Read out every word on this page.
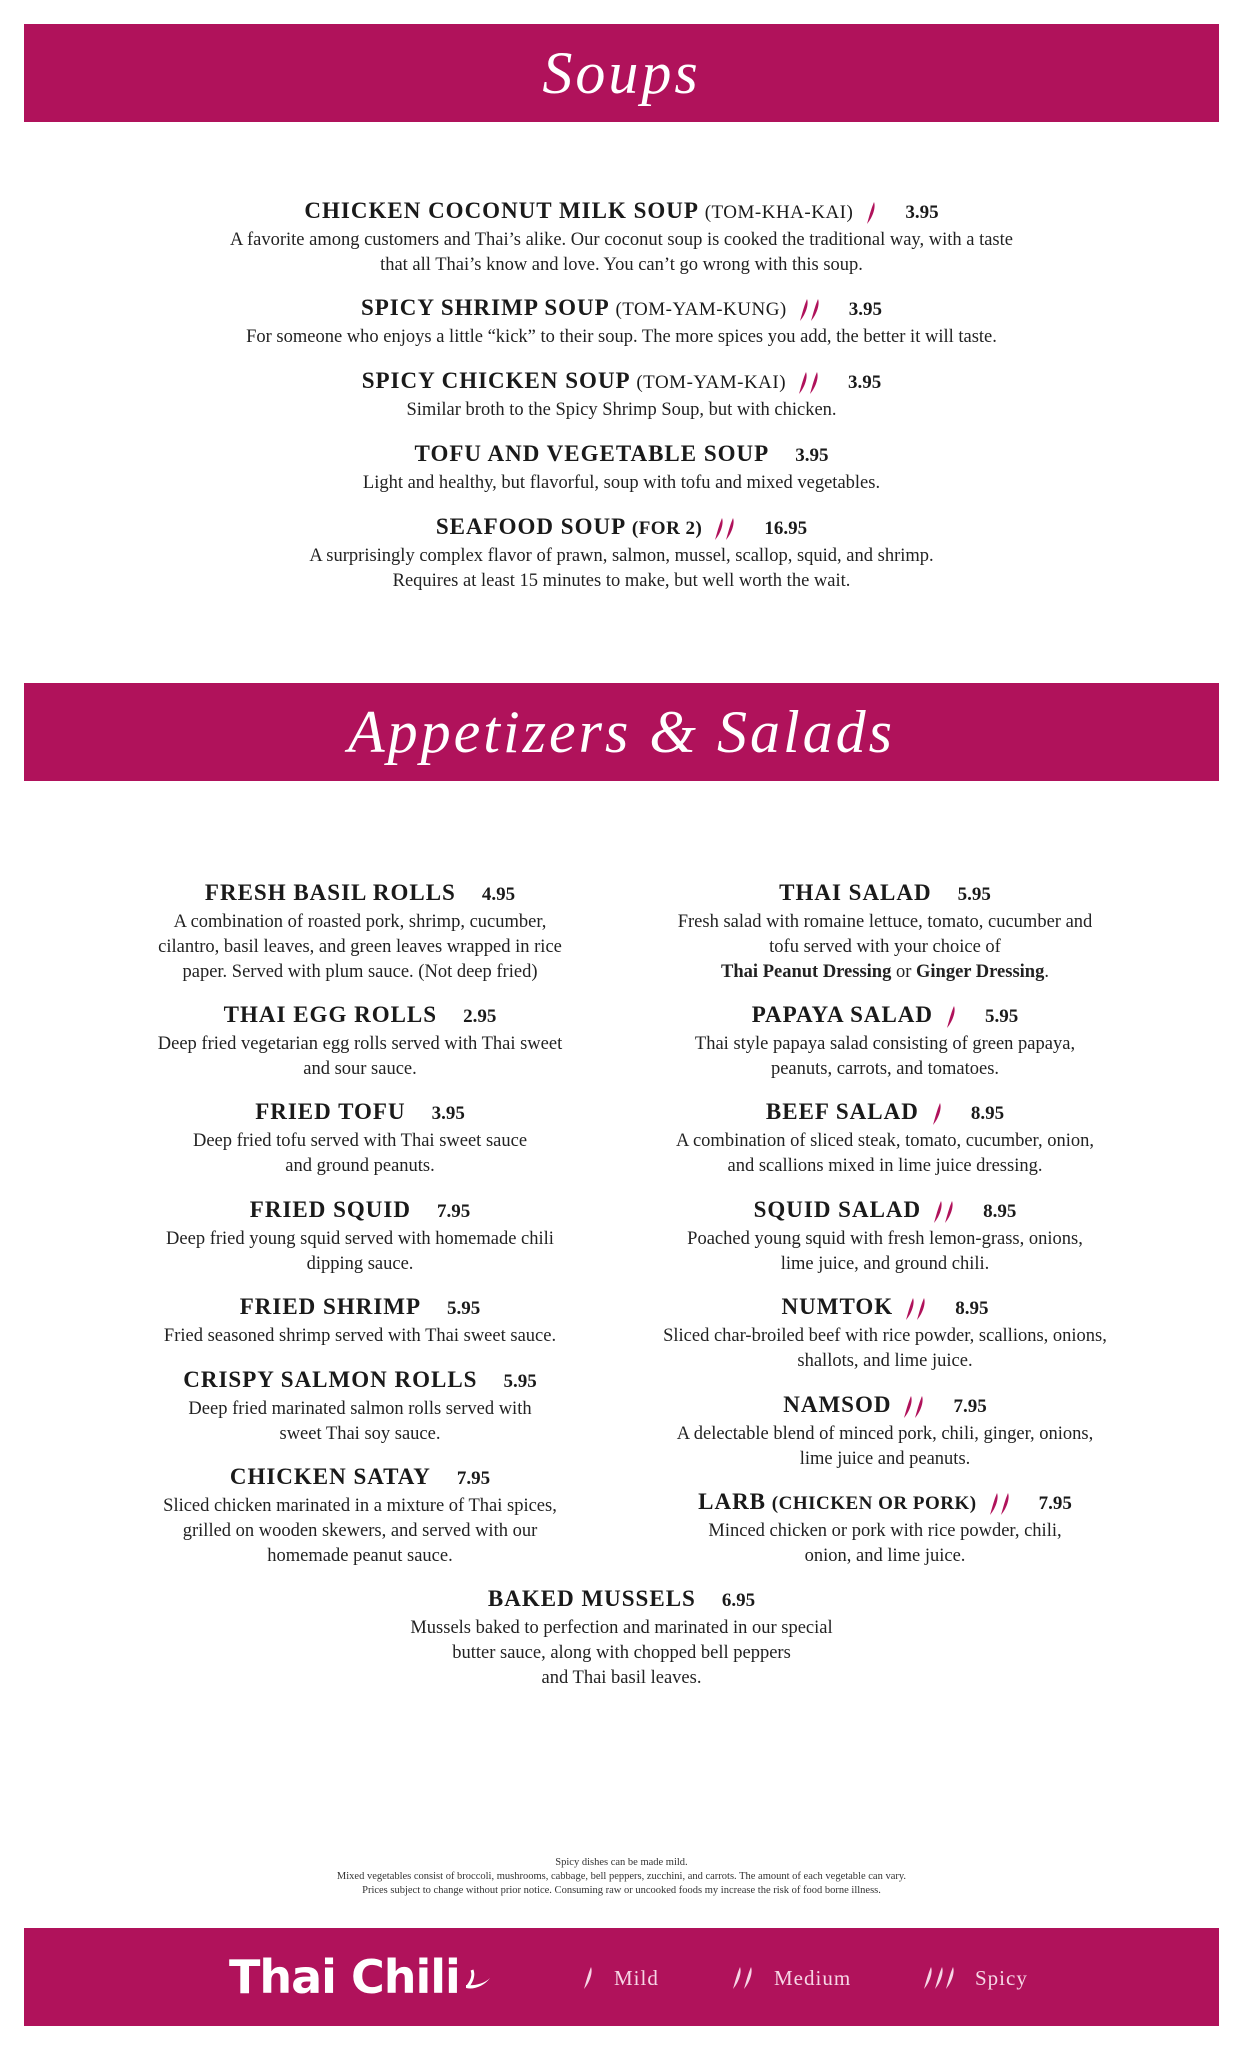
Soups
CHICKEN COCONUT MILK SOUP (TOM-KHA-KAI)	3.95
A favorite among customers and Thai’s alike. Our coconut soup is cooked the traditional way, with a taste
that all Thai’s know and love. You can’t go wrong with this soup.
SPICY SHRIMP SOUP (TOM-YAM-KUNG)	3.95
For someone who enjoys a little “kick” to their soup. The more spices you add, the better it will taste.
SPICY CHICKEN SOUP (TOM-YAM-KAI)	3.95
Similar broth to the Spicy Shrimp Soup, but with chicken.
TOFU AND VEGETABLE SOUP 3.95
Light and healthy, but flavorful, soup with tofu and mixed vegetables.
SEAFOOD SOUP (FOR 2)	16.95
A surprisingly complex flavor of prawn, salmon, mussel, scallop, squid, and shrimp.
Requires at least 15 minutes to make, but well worth the wait.
Appetizers & Salads
FRESH BASIL ROLLS 4.95
A combination of roasted pork, shrimp, cucumber,
cilantro, basil leaves, and green leaves wrapped in rice
paper. Served with plum sauce. (Not deep fried)
THAI EGG ROLLS 2.95
Deep fried vegetarian egg rolls served with Thai sweet
and sour sauce.
FRIED TOFU 3.95
Deep fried tofu served with Thai sweet sauce
and ground peanuts.
FRIED SQUID 7.95
Deep fried young squid served with homemade chili
dipping sauce.
FRIED SHRIMP 5.95
Fried seasoned shrimp served with Thai sweet sauce.
CRISPY SALMON ROLLS 5.95
Deep fried marinated salmon rolls served with
sweet Thai soy sauce.
CHICKEN SATAY 7.95
Sliced chicken marinated in a mixture of Thai spices,
grilled on wooden skewers, and served with our
homemade peanut sauce.
THAI SALAD 5.95
Fresh salad with romaine lettuce, tomato, cucumber and
tofu served with your choice of
Thai Peanut Dressing or Ginger Dressing.
PAPAYA SALAD	5.95
Thai style papaya salad consisting of green papaya,
peanuts, carrots, and tomatoes.
BEEF SALAD	8.95
A combination of sliced steak, tomato, cucumber, onion,
and scallions mixed in lime juice dressing.
SQUID SALAD	8.95
Poached young squid with fresh lemon-grass, onions,
lime juice, and ground chili.
NUMTOK	8.95
Sliced char-broiled beef with rice powder, scallions, onions,
shallots, and lime juice.
NAMSOD	7.95
A delectable blend of minced pork, chili, ginger, onions,
lime juice and peanuts.
LARB (CHICKEN OR PORK)	7.95
Minced chicken or pork with rice powder, chili,
onion, and lime juice.
BAKED MUSSELS 6.95
Mussels baked to perfection and marinated in our special
butter sauce, along with chopped bell peppers
and Thai basil leaves.
Spicy dishes can be made mild.
Mixed vegetables consist of broccoli, mushrooms, cabbage, bell peppers, zucchini, and carrots. The amount of each vegetable can vary.
Prices subject to change without prior notice. Consuming raw or uncooked foods my increase the risk of food borne illness.
Thai Chili	Mild	Medium	Spicy
